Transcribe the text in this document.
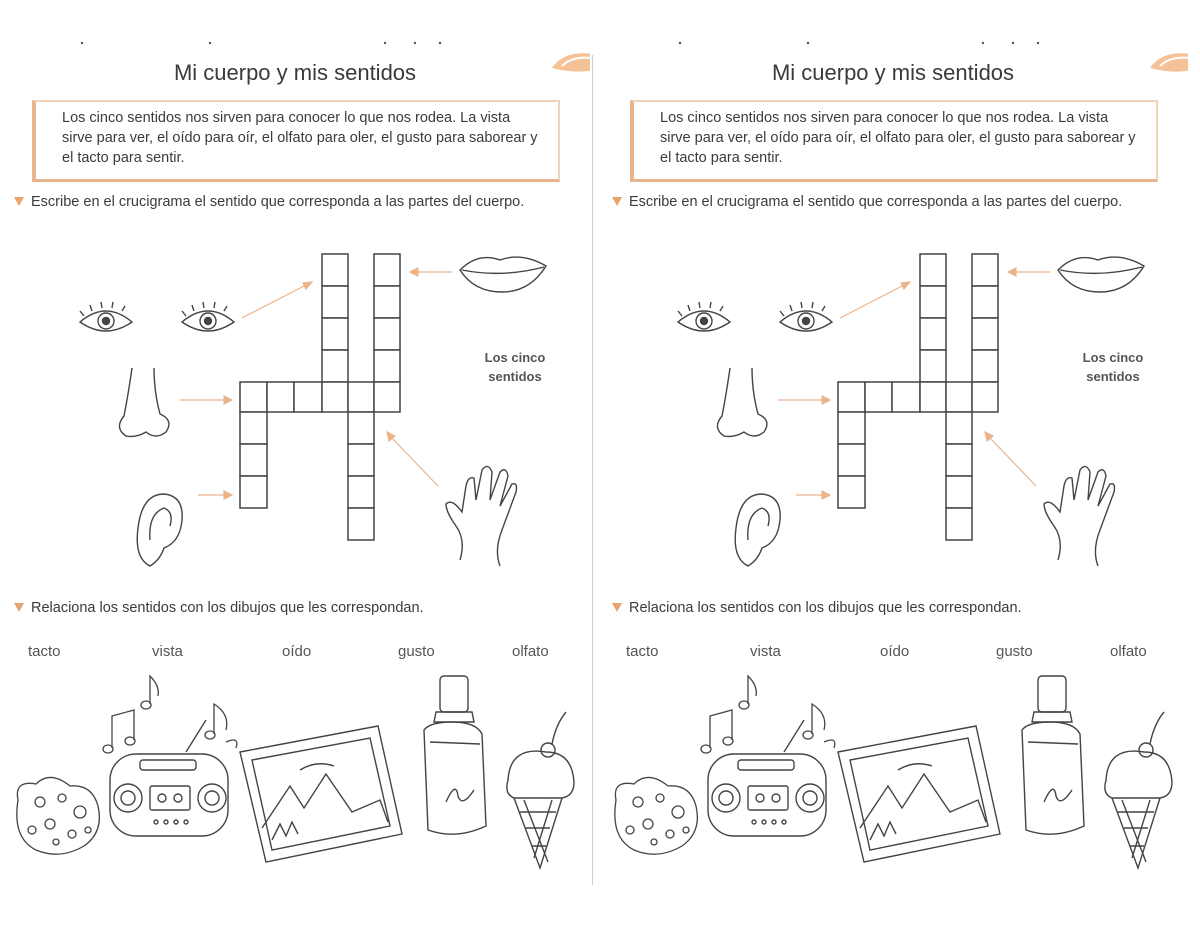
Mi cuerpo y mis sentidos
Los cinco sentidos nos sirven para conocer lo que nos rodea. La vista sirve para ver, el oído para oír, el olfato para oler, el gusto para saborear y el tacto para sentir.
Escribe en el crucigrama el sentido que corresponda a las partes del cuerpo.
Los cinco
sentidos
Relaciona los sentidos con los dibujos que les correspondan.
tacto	vista	oído	gusto	olfato
Mi cuerpo y mis sentidos
Los cinco sentidos nos sirven para conocer lo que nos rodea. La vista sirve para ver, el oído para oír, el olfato para oler, el gusto para saborear y el tacto para sentir.
Escribe en el crucigrama el sentido que corresponda a las partes del cuerpo.
Los cinco
sentidos
Relaciona los sentidos con los dibujos que les correspondan.
tacto	vista	oído	gusto	olfato
